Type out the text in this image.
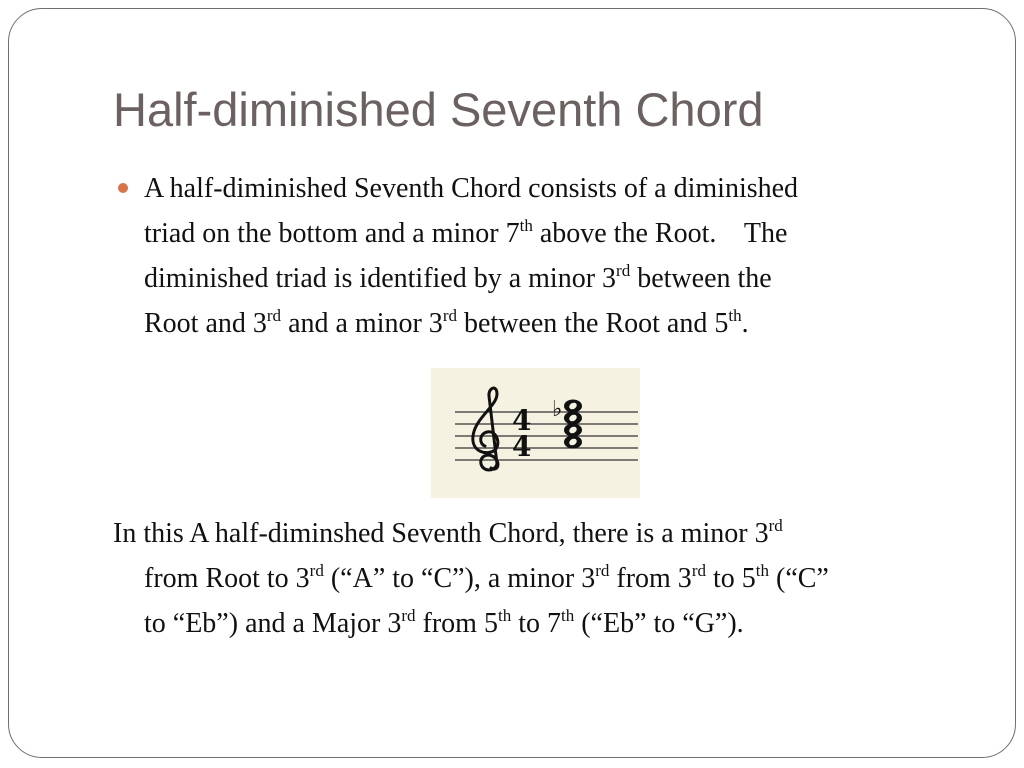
Half-diminished Seventh Chord
A half-diminished Seventh Chord consists of a diminished
triad on the bottom and a minor 7th above the Root.    The
diminished triad is identified by a minor 3rd between the
Root and 3rd and a minor 3rd between the Root and 5th.
4
4
♭
In this A half-diminshed Seventh Chord, there is a minor 3rd
from Root to 3rd (“A” to “C”), a minor 3rd from 3rd to 5th (“C”
to “Eb”) and a Major 3rd from 5th to 7th (“Eb” to “G”).
